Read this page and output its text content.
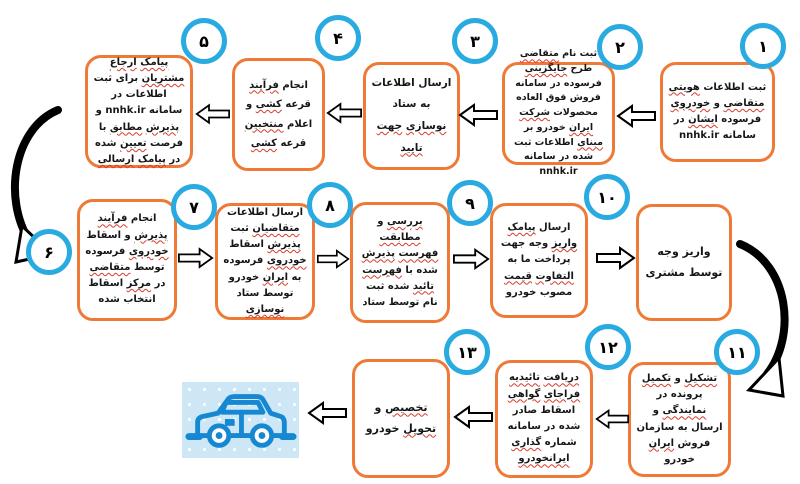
۱
۲
۳
۴
۵
۶
۷	۸	۹	۱۰
۱۱
۱۲
۱۳
ثبت اطلاعات هویتی متقاضی و خودروی فرسوده ایشان در سامانه nnhk.ir
ثبت نام متقاضی طرح جایگزینی فرسوده در سامانه فروش فوق العاده محصولات شرکت ایران خودرو بر مبنای اطلاعات ثبت شده در سامانه nnhk.ir
ارسال اطلاعات به ستاد نوسازی جهت تایید
انجام فرآیند قرعه کشی و اعلام منتخبین قرعه کشی
پیامک ارجاع مشتریان برای ثبت اطلاعات در سامانه nnhk.ir و پذیرش مطابق با فرصت تعیین شده در پیامک ارسالی
انجام فرآیند پذیرش و اسقاط خودروی فرسوده توسط متقاضی در مرکز اسقاط انتخاب شده
ارسال اطلاعات متقاضیان ثبت پذیرش اسقاط خودروی فرسوده به ایران خودرو توسط ستاد نوسازی
بررسی و مطابقت فهرست پذیرش شده با فهرست تائید شده ثبت نام توسط ستاد
ارسال پیامک واریز وجه جهت پرداخت ما به التفاوت قیمت مصوب خودرو
واریز وجه توسط مشتری
تشکیل و تکمیل پرونده در نمایندگی و ارسال به سازمان فروش ایران خودرو
دریافت تائیدیه فراجای گواهی اسقاط صادر شده در سامانه شماره گذاری ایرانخودرو
تخصیص و تحویل خودرو
